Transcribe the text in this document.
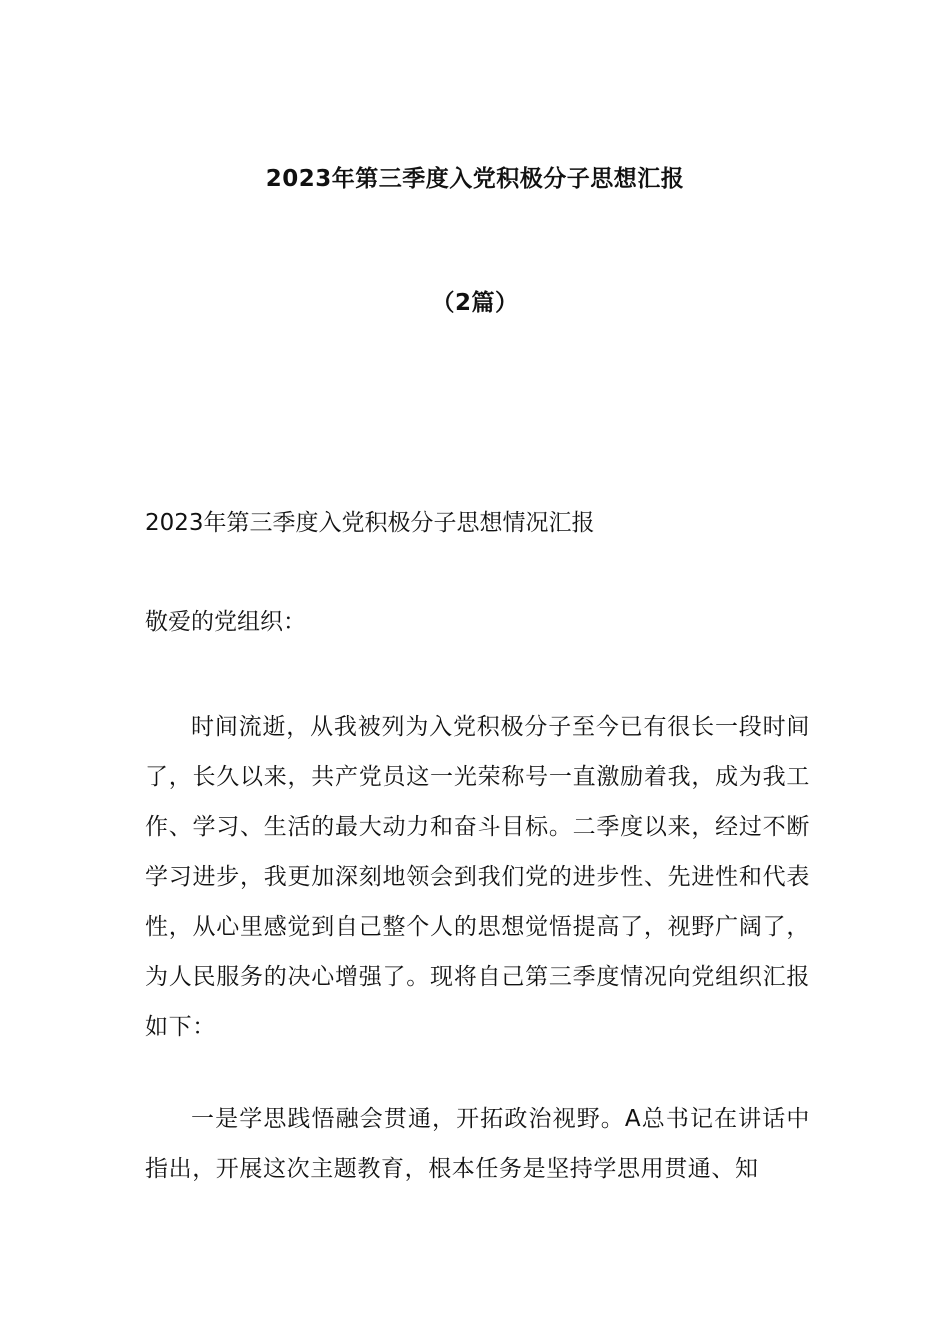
2023年第三季度入党积极分子思想汇报
（2篇）

2023年第三季度入党积极分子思想情况汇报

敬爱的党组织：

时间流逝，从我被列为入党积极分子至今已有很长一段时间了，长久以来，共产党员这一光荣称号一直激励着我，成为我工作、学习、生活的最大动力和奋斗目标。二季度以来，经过不断学习进步，我更加深刻地领会到我们党的进步性、先进性和代表性，从心里感觉到自己整个人的思想觉悟提高了，视野广阔了，为人民服务的决心增强了。现将自己第三季度情况向党组织汇报如下：

一是学思践悟融会贯通，开拓政治视野。A总书记在讲话中指出，开展这次主题教育，根本任务是坚持学思用贯通、知
